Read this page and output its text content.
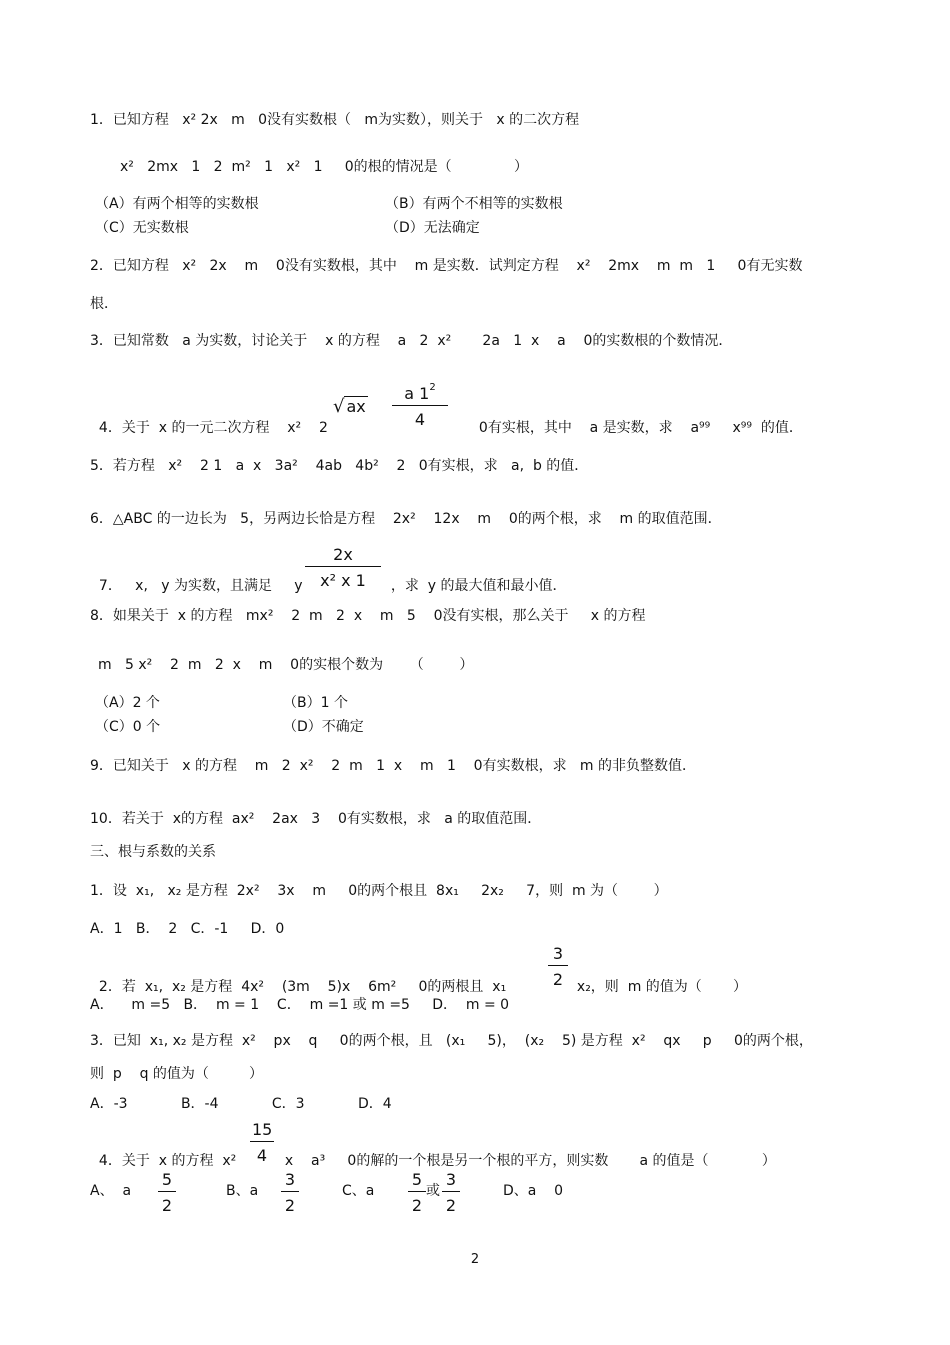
1．已知方程   x² 2x   m   0没有实数根（   m为实数），则关于   x 的二次方程
x²   2mx   1   2  m²   1   x²   1     0的根的情况是（              ）
（A）有两个相等的实数根	（B）有两个不相等的实数根
（C）无实数根	（D）无法确定
2．已知方程   x²   2x    m    0没有实数根，其中    m 是实数．试判定方程    x²    2mx    m  m   1     0有无实数
根．
3．已知常数   a 为实数，讨论关于    x 的方程    a   2  x²       2a   1  x    a    0的实数根的个数情况．
5．若方程   x²    2 1   a  x   3a²    4ab   4b²    2   0有实根，求   a,  b 的值．
6．△ABC 的一边长为   5，另两边长恰是方程    2x²    12x    m    0的两个根，求    m 的取值范围．
8．如果关于  x 的方程   mx²    2  m   2  x    m   5    0没有实根，那么关于     x 的方程
m   5 x²    2  m   2  x    m    0的实根个数为      （        ）
（A）2 个	（B）1 个
（C）0 个	（D）不确定
9．已知关于   x 的方程    m   2  x²    2  m   1  x    m   1    0有实数根，求   m 的非负整数值．
10．若关于  x的方程  ax²    2ax   3    0有实数根，求   a 的取值范围．
三、根与系数的关系
1．设  x₁,   x₂ 是方程  2x²    3x    m     0的两个根且  8x₁     2x₂     7，则  m 为（        ）
A．1   B．  2   C．-1     D．0
A．    m =5   B．  m = 1    C．  m =1 或 m =5     D．  m = 0
3．已知  x₁, x₂ 是方程  x²    px    q     0的两个根，且   (x₁     5)，  (x₂    5) 是方程  x²    qx     p     0的两个根，
则  p    q 的值为（         ）
A．-3            B．-4            C．3            D．4

4．关于  x 的一元二次方程    x²    2

√ ax $\frac{a 1^2}{4}$	0有实根，其中    a 是实数，求    a⁹⁹     x⁹⁹  的值．

7．   x,   y 为实数，且满足     y $\frac{2x}{\text{x² x 1}}$ ，求  y 的最大值和最小值．

2．若  x₁,  x₂ 是方程  4x²    (3m    5)x    6m²     0的两根且  x₁	$\frac{3}{2} x_2$，则  m 的值为（       ）

4．关于  x 的方程  $x^2 \frac{15}{4}$ x    a³     0的解的一个根是另一个根的平方，则实数       a 的值是（            ）

A、  a $\frac{5}{2}$	B、a $\frac{3}{2}$	C、a $\frac{5}{2}$ 或 $\frac{3}{2}$	D、a    0
2
